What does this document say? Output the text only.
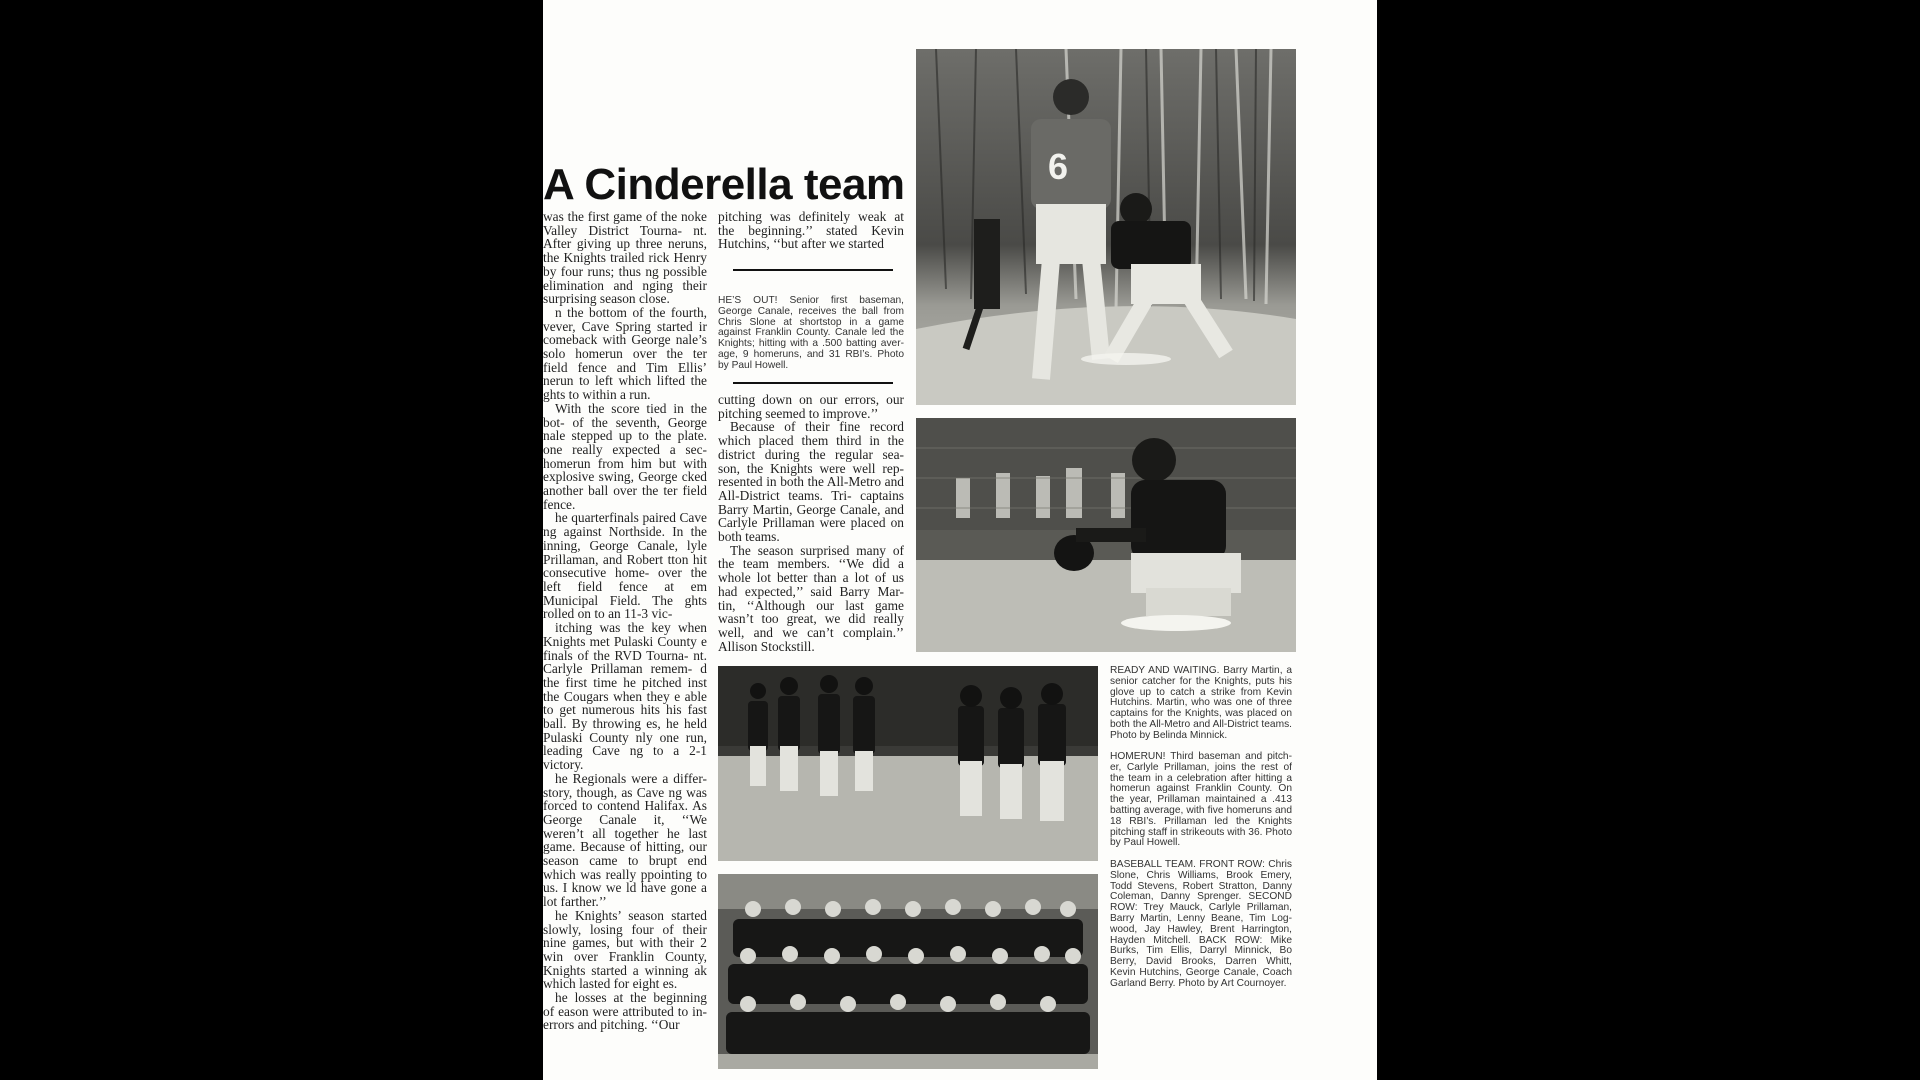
A Cinderella team

was the first game of the noke Valley District Tourna- nt. After giving up three neruns, the Knights trailed rick Henry by four runs; thus ng possible elimination and nging their surprising season close.

n the bottom of the fourth, vever, Cave Spring started ir comeback with George nale’s solo homerun over the ter field fence and Tim Ellis’ nerun to left which lifted the ghts to within a run.

With the score tied in the bot- of the seventh, George nale stepped up to the plate. one really expected a sec- homerun from him but with explosive swing, George cked another ball over the ter field fence.

he quarterfinals paired Cave ng against Northside. In the inning, George Canale, lyle Prillaman, and Robert tton hit consecutive home- over the left field fence at em Municipal Field. The ghts rolled on to an 11-3 vic-

itching was the key when Knights met Pulaski County e finals of the RVD Tourna- nt. Carlyle Prillaman remem- d the first time he pitched inst the Cougars when they e able to get numerous hits his fast ball. By throwing es, he held Pulaski County nly one run, leading Cave ng to a 2-1 victory.

he Regionals were a differ- story, though, as Cave ng was forced to contend Halifax. As George Canale it, ‘‘We weren’t all together he last game. Because of hitting, our season came to brupt end which was really ppointing to us. I know we ld have gone a lot farther.’’

he Knights’ season started slowly, losing four of their nine games, but with their 2 win over Franklin County, Knights started a winning ak which lasted for eight es.

he losses at the beginning of eason were attributed to in- errors and pitching. ‘‘Our

pitching was definitely weak at the beginning.’’ stated Kevin Hutchins, ‘‘but after we started

HE’S OUT! Senior first baseman, George Canale, receives the ball from Chris Slone at shortstop in a game against Franklin County. Canale led the Knights; hitting with a .500 batting aver- age, 9 homeruns, and 31 RBI’s. Photo by Paul Howell.

cutting down on our errors, our pitching seemed to improve.’’

Because of their fine record which placed them third in the district during the regular sea- son, the Knights were well rep- resented in both the All-Metro and All-District teams. Tri- captains Barry Martin, George Canale, and Carlyle Prillaman were placed on both teams.

The season surprised many of the team members. ‘‘We did a whole lot better than a lot of us had expected,’’ said Barry Mar- tin, ‘‘Although our last game wasn’t too great, we did really well, and we can’t complain.’’ Allison Stockstill.

6

READY AND WAITING. Barry Martin, a senior catcher for the Knights, puts his glove up to catch a strike from Kevin Hutchins. Martin, who was one of three captains for the Knights, was placed on both the All-Metro and All-District teams. Photo by Belinda Minnick.

HOMERUN! Third baseman and pitch- er, Carlyle Prillaman, joins the rest of the team in a celebration after hitting a homerun against Franklin County. On the year, Prillaman maintained a .413 batting average, with five homeruns and 18 RBI’s. Prillaman led the Knights pitching staff in strikeouts with 36. Photo by Paul Howell.

BASEBALL TEAM. FRONT ROW: Chris Slone, Chris Williams, Brook Emery, Todd Stevens, Robert Stratton, Danny Coleman, Danny Sprenger. SECOND ROW: Trey Mauck, Carlyle Prillaman, Barry Martin, Lenny Beane, Tim Log- wood, Jay Hawley, Brent Harrington, Hayden Mitchell. BACK ROW: Mike Burks, Tim Ellis, Darryl Minnick, Bo Berry, David Brooks, Darren Whitt, Kevin Hutchins, George Canale, Coach Garland Berry. Photo by Art Cournoyer.
